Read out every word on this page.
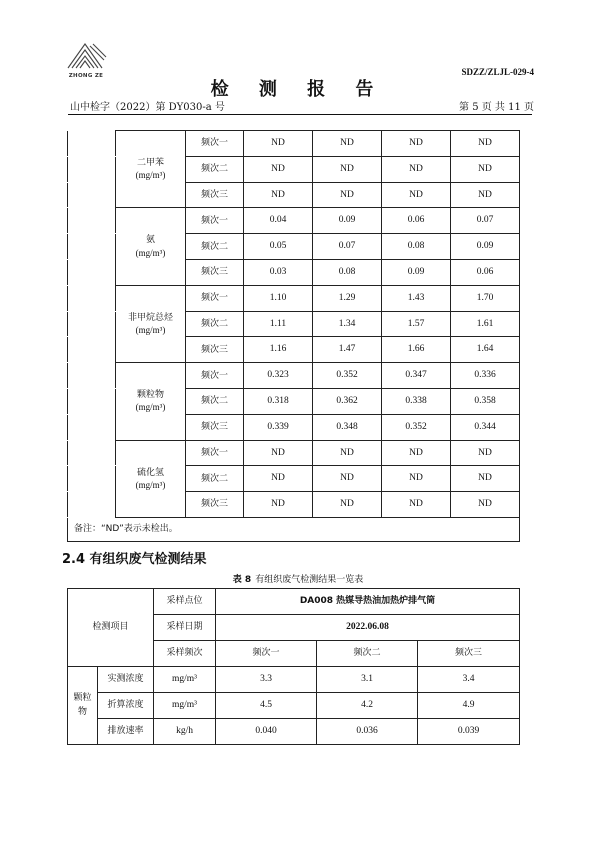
ZHONG ZE	SDZZ/ZLJL-029-4
检 测 报 告
山中检字（2022）第 DY030-a 号	第 5 页 共 11 页

	二甲苯
(mg/m³)	频次一	ND	ND	ND	ND
		频次二	ND	ND	ND	ND
		频次三	ND	ND	ND	ND

	氨
(mg/m³)	频次一	0.04	0.09	0.06	0.07
		频次二	0.05	0.07	0.08	0.09
		频次三	0.03	0.08	0.09	0.06

	非甲烷总烃
(mg/m³)	频次一	1.10	1.29	1.43	1.70
		频次二	1.11	1.34	1.57	1.61
		频次三	1.16	1.47	1.66	1.64

	颗粒物
(mg/m³)	频次一	0.323	0.352	0.347	0.336
		频次二	0.318	0.362	0.338	0.358
		频次三	0.339	0.348	0.352	0.344

	硫化氢
(mg/m³)	频次一	ND	ND	ND	ND
		频次二	ND	ND	ND	ND
		频次三	ND	ND	ND	ND
备注：“ND”表示未检出。						
2.4 有组织废气检测结果
表 8 有组织废气检测结果一览表
检测项目		采样点位	DA008 热媒导热油加热炉排气筒		
		采样日期	2022.06.08		
		采样频次	频次一	频次二	频次三
颗粒物	实测浓度	mg/m³	3.3	3.1	3.4
	折算浓度	mg/m³	4.5	4.2	4.9
	排放速率	kg/h	0.040	0.036	0.039
